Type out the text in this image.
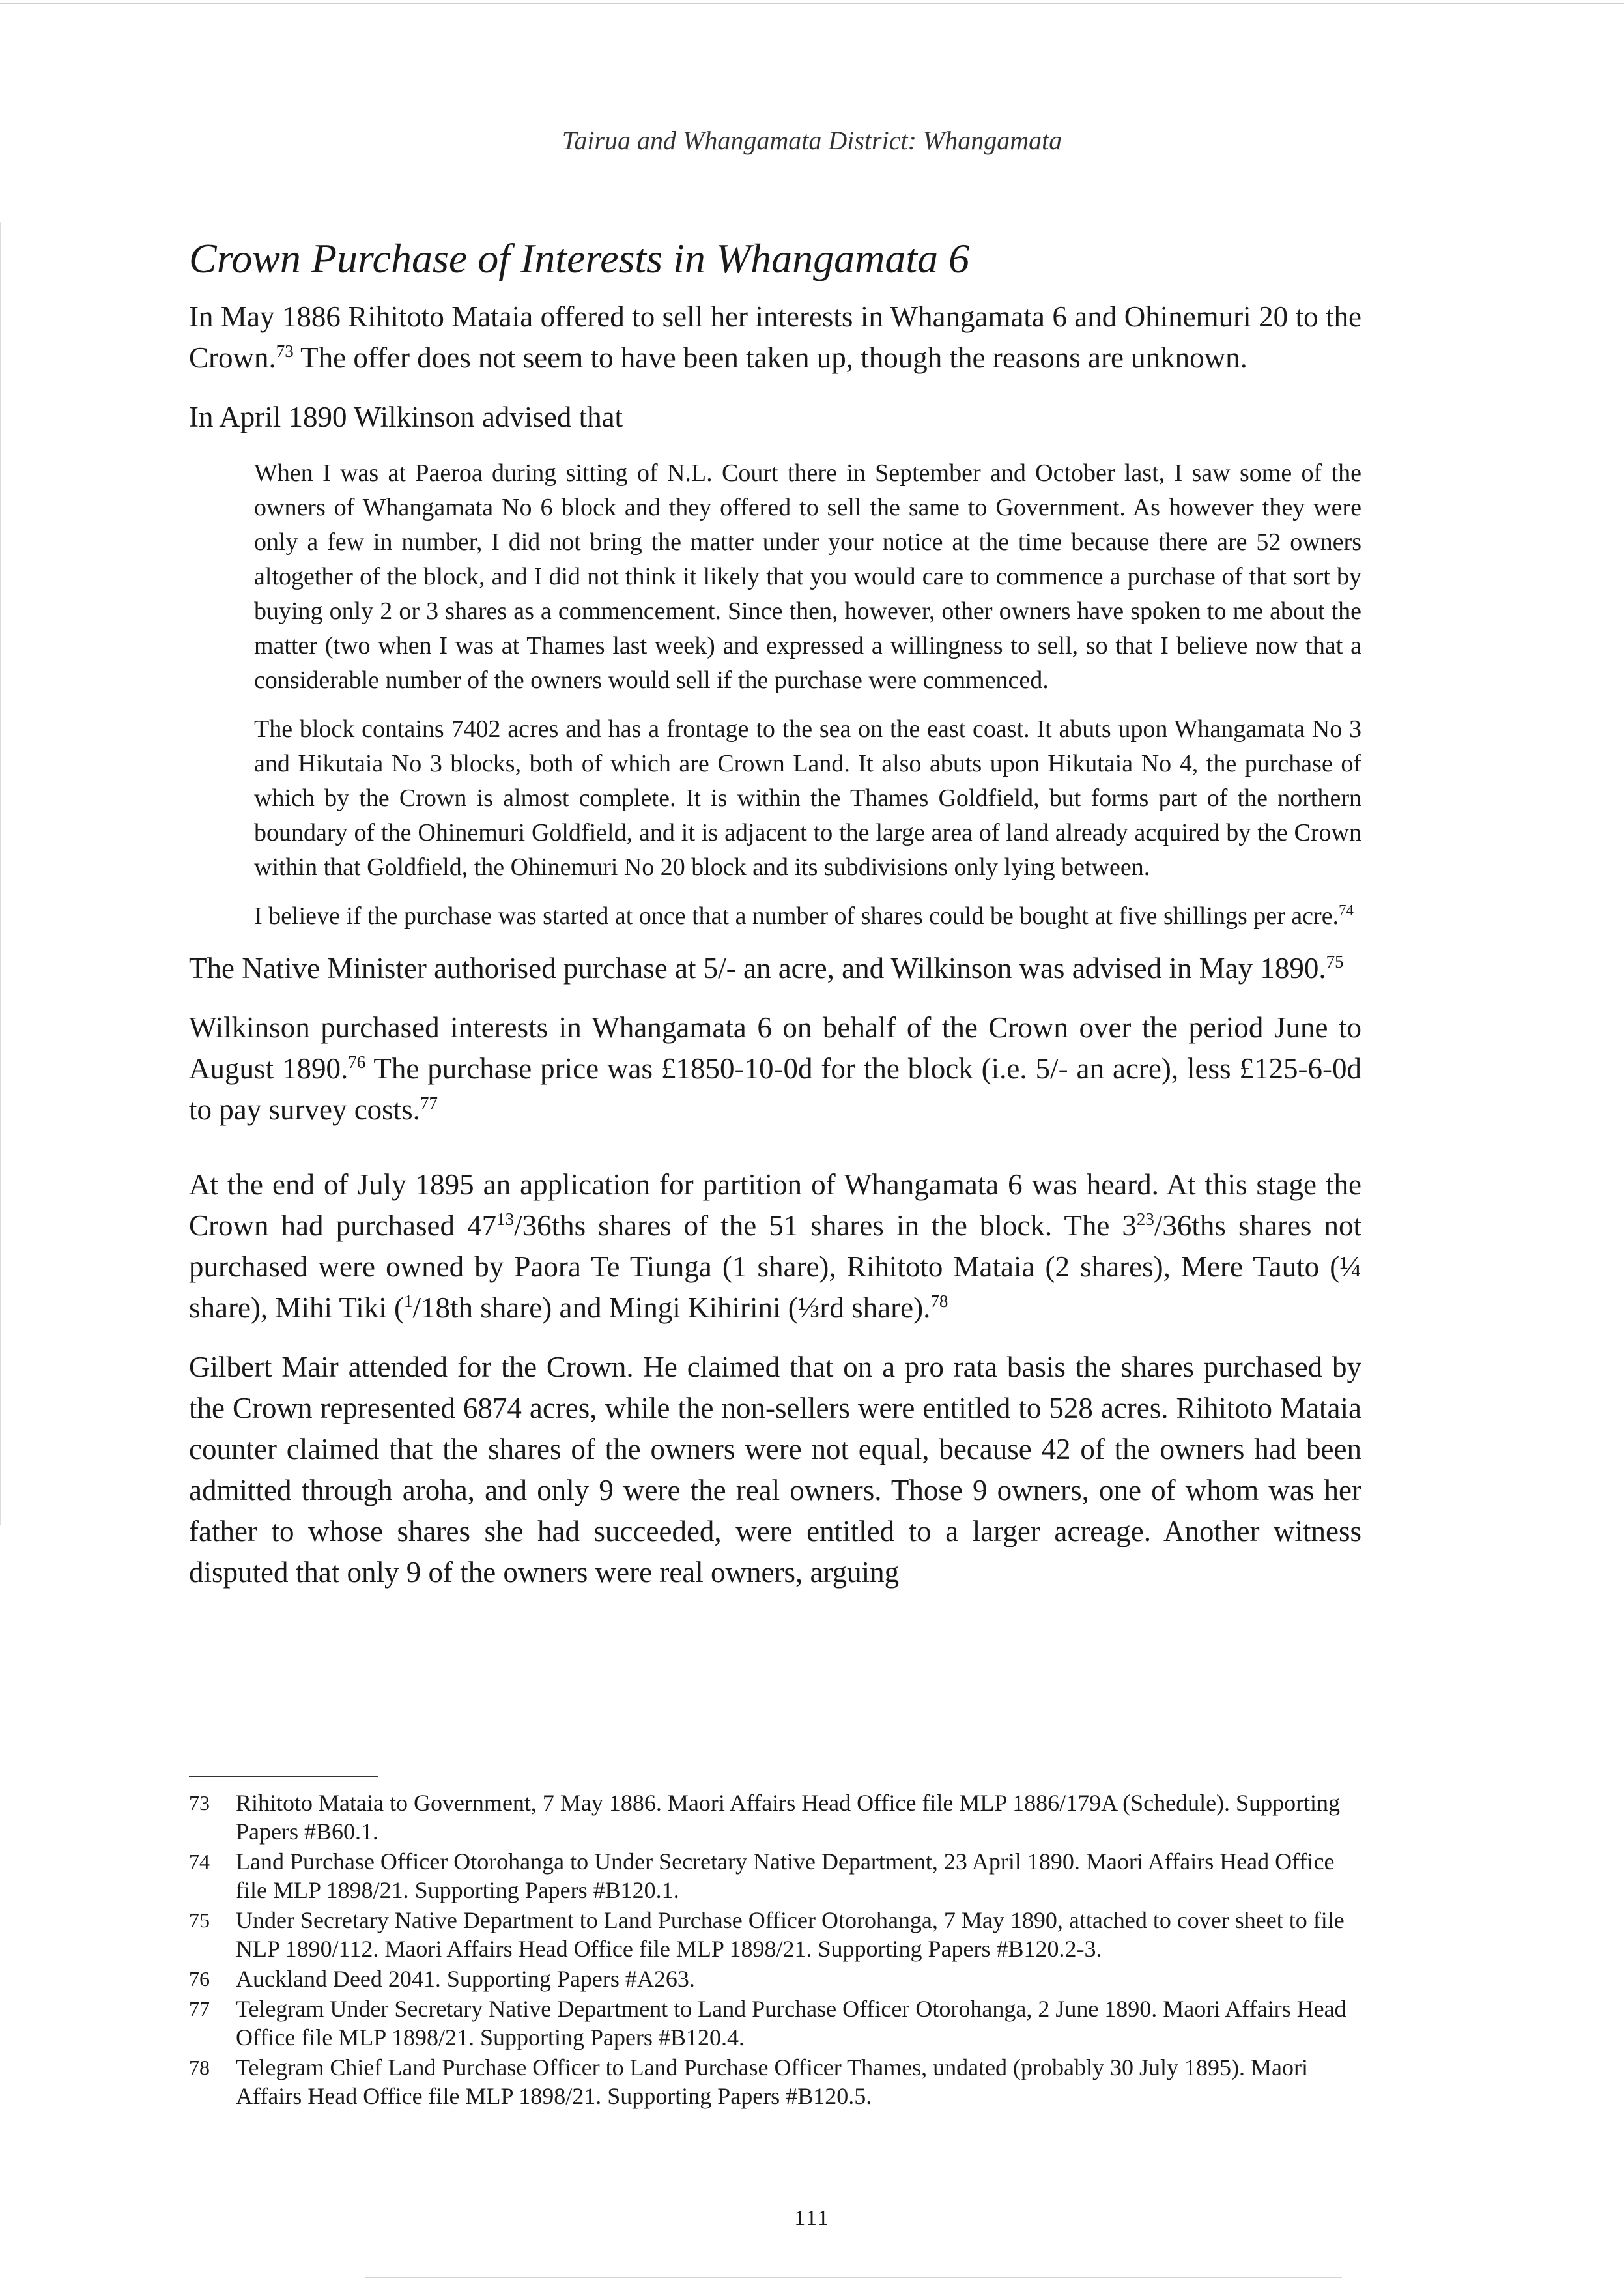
Tairua and Whangamata District: Whangamata
Crown Purchase of Interests in Whangamata 6

In May 1886 Rihitoto Mataia offered to sell her interests in Whangamata 6 and Ohinemuri 20 to the Crown.$^{73}$ The offer does not seem to have been taken up, though the reasons are unknown.

In April 1890 Wilkinson advised that

When I was at Paeroa during sitting of N.L. Court there in September and October last, I saw some of the owners of Whangamata No 6 block and they offered to sell the same to Government. As however they were only a few in number, I did not bring the matter under your notice at the time because there are 52 owners altogether of the block, and I did not think it likely that you would care to commence a purchase of that sort by buying only 2 or 3 shares as a commencement. Since then, however, other owners have spoken to me about the matter (two when I was at Thames last week) and expressed a willingness to sell, so that I believe now that a considerable number of the owners would sell if the purchase were commenced.

The block contains 7402 acres and has a frontage to the sea on the east coast. It abuts upon Whangamata No 3 and Hikutaia No 3 blocks, both of which are Crown Land. It also abuts upon Hikutaia No 4, the purchase of which by the Crown is almost complete. It is within the Thames Goldfield, but forms part of the northern boundary of the Ohinemuri Goldfield, and it is adjacent to the large area of land already acquired by the Crown within that Goldfield, the Ohinemuri No 20 block and its subdivisions only lying between.

I believe if the purchase was started at once that a number of shares could be bought at five shillings per acre.$^{74}$

The Native Minister authorised purchase at 5/- an acre, and Wilkinson was advised in May 1890.75

Wilkinson purchased interests in Whangamata 6 on behalf of the Crown over the period June to August 1890.76 The purchase price was £1850-10-0d for the block (i.e. 5/- an acre), less £125-6-0d to pay survey costs.$^{77}$

At the end of July 1895 an application for partition of Whangamata 6 was heard. At this stage the Crown had purchased $47^{13}/36ths$ shares of the 51 shares in the block. The $3^{23}/36ths$ shares not purchased were owned by Paora Te Tiunga (1 share), Rihitoto Mataia (2 shares), Mere Tauto (¼ share), Mihi Tiki ($^1$/18th share) and Mingi Kihirini (⅓rd share).$^{78}$

Gilbert Mair attended for the Crown. He claimed that on a pro rata basis the shares purchased by the Crown represented 6874 acres, while the non-sellers were entitled to 528 acres. Rihitoto Mataia counter claimed that the shares of the owners were not equal, because 42 of the owners had been admitted through aroha, and only 9 were the real owners. Those 9 owners, one of whom was her father to whose shares she had succeeded, were entitled to a larger acreage. Another witness disputed that only 9 of the owners were real owners, arguing

73	Rihitoto Mataia to Government, 7 May 1886. Maori Affairs Head Office file MLP 1886/179A (Schedule). Supporting Papers #B60.1.
74	Land Purchase Officer Otorohanga to Under Secretary Native Department, 23 April 1890. Maori Affairs Head Office file MLP 1898/21. Supporting Papers #B120.1.
75	Under Secretary Native Department to Land Purchase Officer Otorohanga, 7 May 1890, attached to cover sheet to file NLP 1890/112. Maori Affairs Head Office file MLP 1898/21. Supporting Papers #B120.2-3.
76	Auckland Deed 2041. Supporting Papers #A263.
77	Telegram Under Secretary Native Department to Land Purchase Officer Otorohanga, 2 June 1890. Maori Affairs Head Office file MLP 1898/21. Supporting Papers #B120.4.
78	Telegram Chief Land Purchase Officer to Land Purchase Officer Thames, undated (probably 30 July 1895). Maori Affairs Head Office file MLP 1898/21. Supporting Papers #B120.5.
111
